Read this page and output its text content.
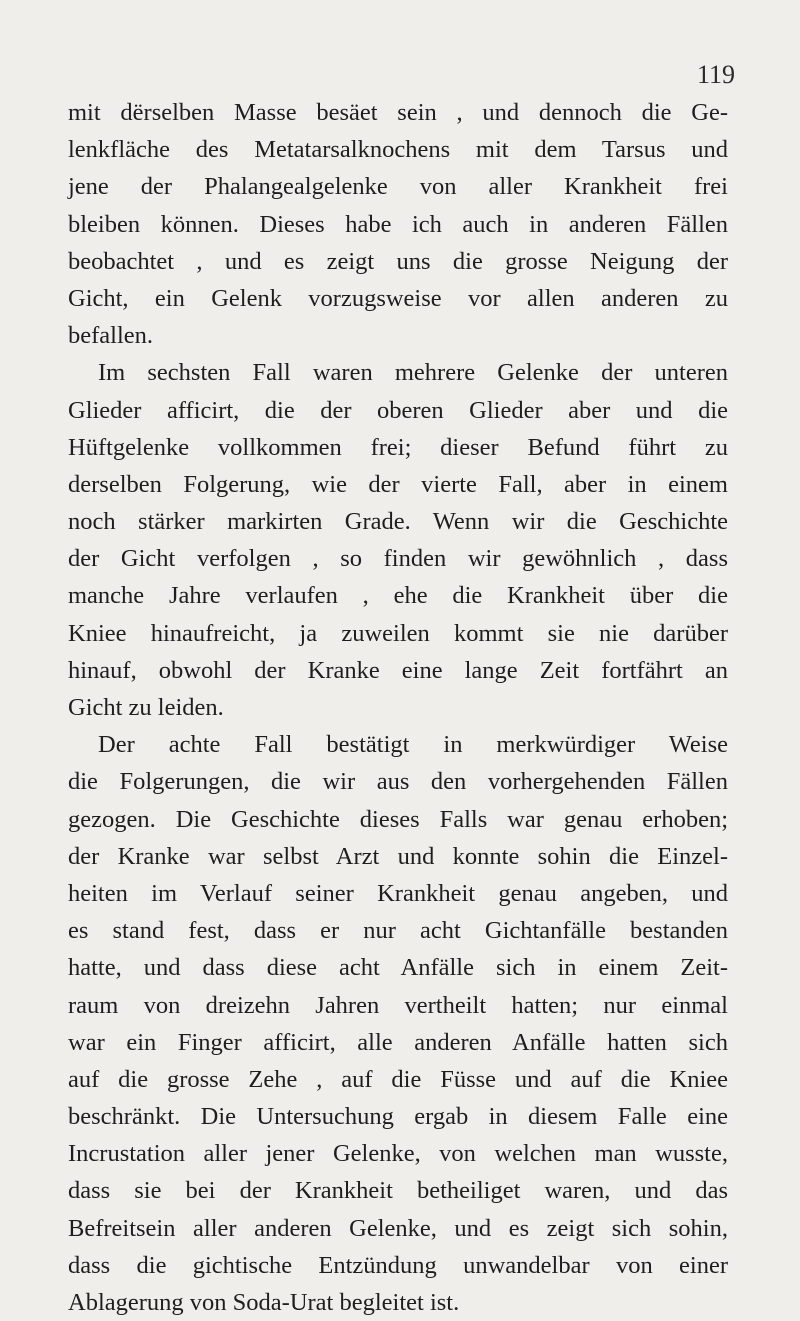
119
mit dërselben Masse besäet sein , und dennoch die Ge-
lenkfläche des Metatarsalknochens mit dem Tarsus und
jene der Phalangealgelenke von aller Krankheit frei
bleiben können. Dieses habe ich auch in anderen Fällen
beobachtet , und es zeigt uns die grosse Neigung der
Gicht, ein Gelenk vorzugsweise vor allen anderen zu
befallen.
Im sechsten Fall waren mehrere Gelenke der unteren
Glieder afficirt, die der oberen Glieder aber und die
Hüftgelenke vollkommen frei; dieser Befund führt zu
derselben Folgerung, wie der vierte Fall, aber in einem
noch stärker markirten Grade. Wenn wir die Geschichte
der Gicht verfolgen , so finden wir gewöhnlich , dass
manche Jahre verlaufen , ehe die Krankheit über die
Kniee hinaufreicht, ja zuweilen kommt sie nie darüber
hinauf, obwohl der Kranke eine lange Zeit fortfährt an
Gicht zu leiden.
Der achte Fall bestätigt in merkwürdiger Weise
die Folgerungen, die wir aus den vorhergehenden Fällen
gezogen. Die Geschichte dieses Falls war genau erhoben;
der Kranke war selbst Arzt und konnte sohin die Einzel-
heiten im Verlauf seiner Krankheit genau angeben, und
es stand fest, dass er nur acht Gichtanfälle bestanden
hatte, und dass diese acht Anfälle sich in einem Zeit-
raum von dreizehn Jahren vertheilt hatten; nur einmal
war ein Finger afficirt, alle anderen Anfälle hatten sich
auf die grosse Zehe , auf die Füsse und auf die Kniee
beschränkt. Die Untersuchung ergab in diesem Falle eine
Incrustation aller jener Gelenke, von welchen man wusste,
dass sie bei der Krankheit betheiliget waren, und das
Befreitsein aller anderen Gelenke, und es zeigt sich sohin,
dass die gichtische Entzündung unwandelbar von einer
Ablagerung von Soda-Urat begleitet ist.
